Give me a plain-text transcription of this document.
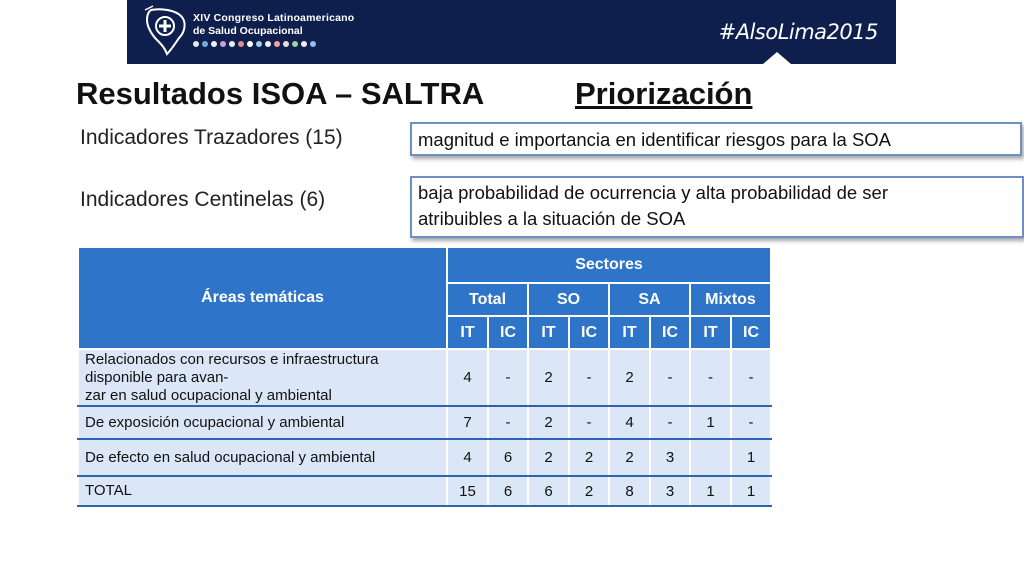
XIV Congreso Latinoamericano
de Salud Ocupacional	#AlsoLima2015
Resultados ISOA – SALTRA	Priorización
Indicadores Trazadores (15)	magnitud e importancia en identificar riesgos para la SOA
Indicadores Centinelas (6)	baja probabilidad de ocurrencia y alta probabilidad de ser
atribuibles a la situación de SOA
Áreas temáticas	Sectores							
	Total		SO		SA		Mixtos	
	IT	IC	IT	IC	IT	IC	IT	IC

Relacionados con recursos e infraestructura disponible para avan-
zar en salud ocupacional y ambiental	4	-	2	-	2	-	-	-
De exposición ocupacional y ambiental	7	-	2	-	4	-	1	-
De efecto en salud ocupacional y ambiental	4	6	2	2	2	3		1
TOTAL	15	6	6	2	8	3	1	1
